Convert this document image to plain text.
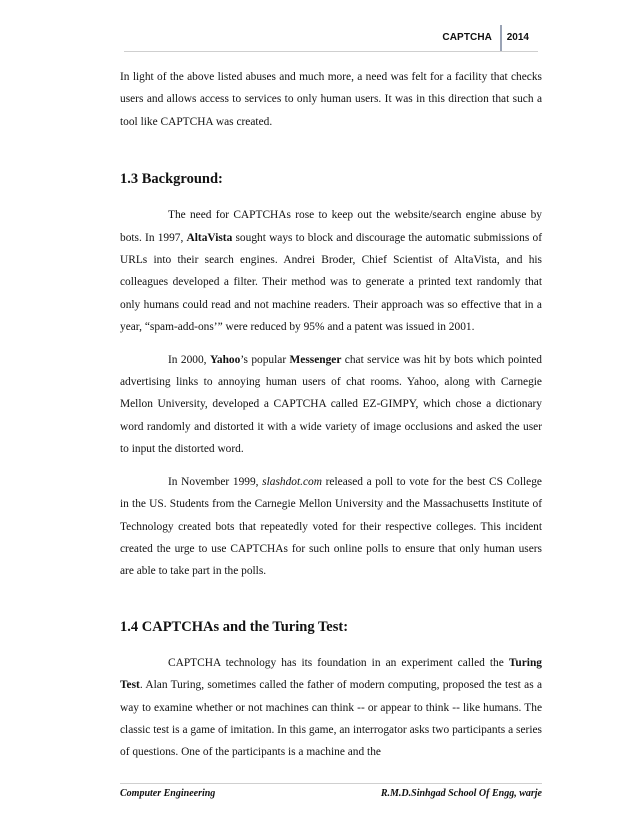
CAPTCHA 2014

In light of the above listed abuses and much more, a need was felt for a facility that checks users and allows access to services to only human users. It was in this direction that such a tool like CAPTCHA was created.

1.3 Background:

The need for CAPTCHAs rose to keep out the website/search engine abuse by bots. In 1997, AltaVista sought ways to block and discourage the automatic submissions of URLs into their search engines. Andrei Broder, Chief Scientist of AltaVista, and his colleagues developed a filter. Their method was to generate a printed text randomly that only humans could read and not machine readers. Their approach was so effective that in a year, “spam-add-ons’” were reduced by 95% and a patent was issued in 2001.

In 2000, Yahoo’s popular Messenger chat service was hit by bots which pointed advertising links to annoying human users of chat rooms. Yahoo, along with Carnegie Mellon University, developed a CAPTCHA called EZ-GIMPY, which chose a dictionary word randomly and distorted it with a wide variety of image occlusions and asked the user to input the distorted word.

In November 1999, slashdot.com released a poll to vote for the best CS College in the US. Students from the Carnegie Mellon University and the Massachusetts Institute of Technology created bots that repeatedly voted for their respective colleges. This incident created the urge to use CAPTCHAs for such online polls to ensure that only human users are able to take part in the polls.

1.4 CAPTCHAs and the Turing Test:

CAPTCHA technology has its foundation in an experiment called the Turing Test. Alan Turing, sometimes called the father of modern computing, proposed the test as a way to examine whether or not machines can think -- or appear to think -- like humans. The classic test is a game of imitation. In this game, an interrogator asks two participants a series of questions. One of the participants is a machine and the

Computer Engineering	R.M.D.Sinhgad School Of Engg, warje
